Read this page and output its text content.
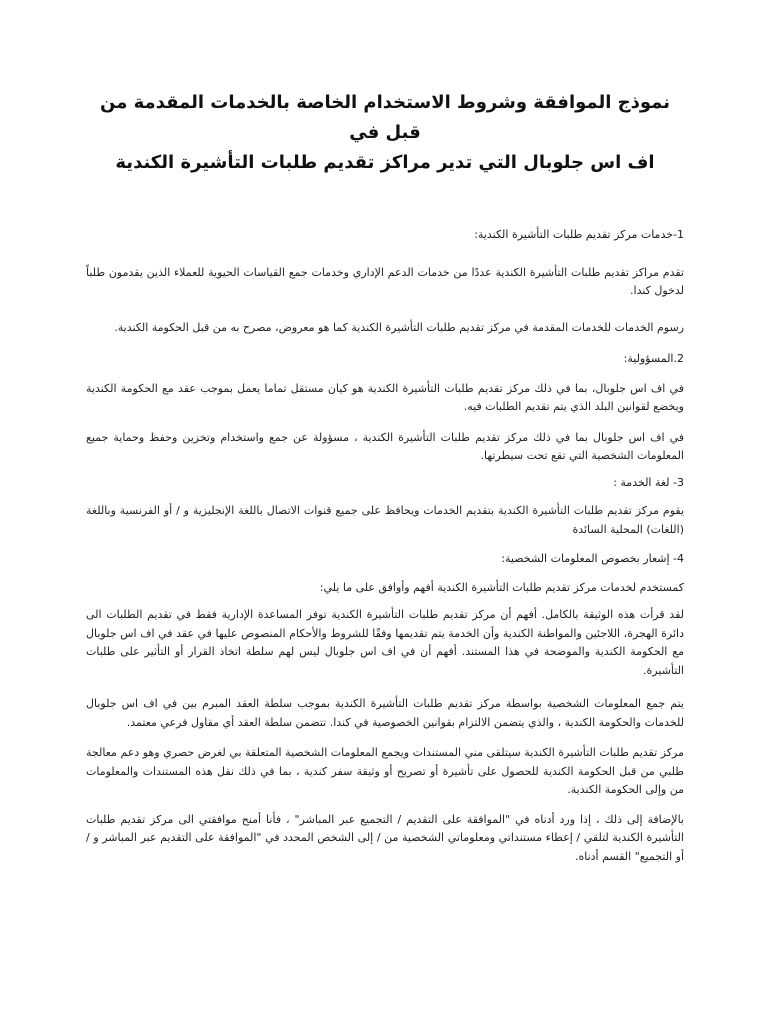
نموذج الموافقة وشروط الاستخدام الخاصة بالخدمات المقدمة من قبل في
اف اس جلوبال التي تدير مراكز تقديم طلبات التأشيرة الكندية

1-خدمات مركز تقديم طلبات التأشيرة الكندية:

تقدم مراكز تقديم طلبات التأشيرة الكندية عددًا من خدمات الدعم الإداري وخدمات جمع القياسات الحيوية للعملاء الذين يقدمون طلباً لدخول كندا.

رسوم الخدمات للخدمات المقدمة في مركز تقديم طلبات التأشيرة الكندية كما هو معروض، مصرح به من قبل الحكومة الكندية.

2.المسؤولية:

في اف اس جلوبال، بما في ذلك مركز تقديم طلبات التأشيرة الكندية هو كيان مستقل تماما يعمل بموجب عقد مع الحكومة الكندية ويخضع لقوانين البلد الذي يتم تقديم الطلبات فيه.

في اف اس جلوبال بما في ذلك مركز تقديم طلبات التأشيرة الكندية ، مسؤولة عن جمع واستخدام وتخزين وحفظ وحماية جميع المعلومات الشخصية التي تقع تحت سيطرتها.

3- لغة الخدمة :

يقوم مركز تقديم طلبات التأشيرة الكندية بتقديم الخدمات ويحافظ على جميع قنوات الاتصال باللغة الإنجليزية و / أو الفرنسية وباللغة (اللغات) المحلية السائدة

4- إشعار بخصوص المعلومات الشخصية:

كمستخدم لخدمات مركز تقديم طلبات التأشيرة الكندية أفهم وأوافق على ما يلي:

لقد قرأت هذه الوثيقة بالكامل. أفهم أن مركز تقديم طلبات التأشيرة الكندية توفر المساعدة الإدارية فقط في تقديم الطلبات الى دائرة الهجرة، اللاجئين والمواطنة الكندية وأن الخدمة يتم تقديمها وفقًا للشروط والأحكام المنصوص عليها في عقد في اف اس جلوبال مع الحكومة الكندية والموضحة في هذا المستند. أفهم أن في اف اس جلوبال ليس لهم سلطة اتخاذ القرار أو التأثير على طلبات التأشيرة.

يتم جمع المعلومات الشخصية بواسطة مركز تقديم طلبات التأشيرة الكندية بموجب سلطة العقد المبرم بين في اف اس جلوبال للخدمات والحكومة الكندية ، والذي يتضمن الالتزام بقوانين الخصوصية في كندا. تتضمن سلطة العقد أي مقاول فرعي معتمد.

مركز تقديم طلبات التأشيرة الكندية سيتلقى مني المستندات ويجمع المعلومات الشخصية المتعلقة بي لغرض حصري وهو دعم معالجة طلبي من قبل الحكومة الكندية للحصول على تأشيرة أو تصريح أو وثيقة سفر كندية ، بما في ذلك نقل هذه المستندات والمعلومات من وإلى الحكومة الكندية.

بالإضافة إلى ذلك ، إذا ورد أدناه في "الموافقة على التقديم / التجميع عبر المباشر" ، فأنا أمنح موافقتي الى مركز تقديم طلبات التأشيرة الكندية لتلقي / إعطاء مستنداتي ومعلوماتي الشخصية من / إلى الشخص المحدد في "الموافقة على التقديم عبر المباشر و / أو التجميع" القسم أدناه.
